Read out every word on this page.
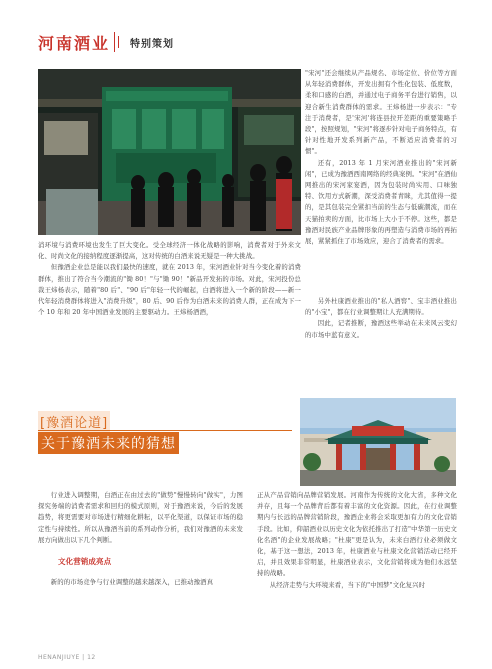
河南酒业 特别策划

"宋河"还会继续从产品规名、市场定位、价位等方面从年轻消费群体，开发出拥有个性化包装、低度数，柔和口感的白酒，并通过电子商务平台进行销售，以迎合新生消费群体的需求。王炜杨进一步表示："专注于消费者，是'宋河'将连县拉开差距的重要策略手段"，按照规划，"宋河"将逐步针对电子商务特点，有针对性地开发系列新产品，不断适应消费者的习惯"。

还有，2013 年 1 月宋河酒业推出的"宋河新闲"，已成为豫酒西南网络的经典案例。"宋河"在酒仙网推出的宋河家宴酒，因为包装时尚实用、口味独特、饮用方式新潮，深受消费者青睐，尤其值得一提的，是其包装完全紧扣当前的生态与低碳潮流，而在天猫拍卖的方面，比市场上大小于不停。这些，都是豫酒对民族产业品牌形象的再塑造与消费市场的再拓展，紧紧抓住了市场效应，迎合了消费者的需求。

消环境与消费环境也发生了巨大变化。受全球经济一体化战略的影响，消费者对于外来文化、时尚文化的接纳程度逐渐提高，这对传统的白酒来说无疑是一种大挑战。

但豫酒企业总是能以我们最快的速度，就在 2013 年，宋河酒业针对当今变化着的消费群体，推出了符合当今潮流的"锄 80！"与"锄 90！"新品开发拓的市场。对此，宋河投份总裁王炜杨表示，随着"80 后"、"90 后"年轻一代的崛起，白酒将进入一个新的阶段——新一代年轻消费群体将进入"消费升级"，80 后、90 后作为白酒未来的消费人群，正在成为下一个 10 年和 20 年中国酒业发展的主要驱动力。王炜杨酒酒，

另外杜康酒业推出的"私人酒窖"、宝丰酒业推出的"小宝"，都在行业调整期让人充满期待。

因此，记者推断，豫酒这些举动在未来风云变幻的市场中蓝有意义。

[豫酒论道]
关于豫酒未来的猜想

行业进入调整期，白酒正在由过去的"做势"慢慢转向"做实"，力图探究务端的消费者需求和回归的模式原则，对于豫酒来说，今后的发展趋势，将更需要对市场进行精细化耕耘，以平化渠道，以保证市场的稳定性与持续性。所以从豫酒当前的系列动作分析，我们对豫酒的未来发展方向做出以下几个判断。

文化营销成亮点

新的的市场竞争与行业调整的越来越深入，已推动豫酒真

正从产品营销向品牌营销发展。河南作为传统的文化大省，多种文化并存，且每一个品牌背后都有着丰富的文化资源。因此，在行业调整期内与长远的品牌营销阶段，豫酒企业将会采取更加有力的文化营销手段。比如，仰韶酒业以历史文化为依托推出了打造"中华第一历史文化名酒"的企业发展战略；"杜康"更是认为，未来白酒行业必须做文化，基于这一想法，2013 年，杜康酒业与杜康文化营销活动已经开启，并且效果非常明显，杜康酒业表示，文化营销将成为他们永远坚持的战略。

从经济走势与大环境来看，当下的"中国梦"文化复兴时

HENANJIUYE | 12
